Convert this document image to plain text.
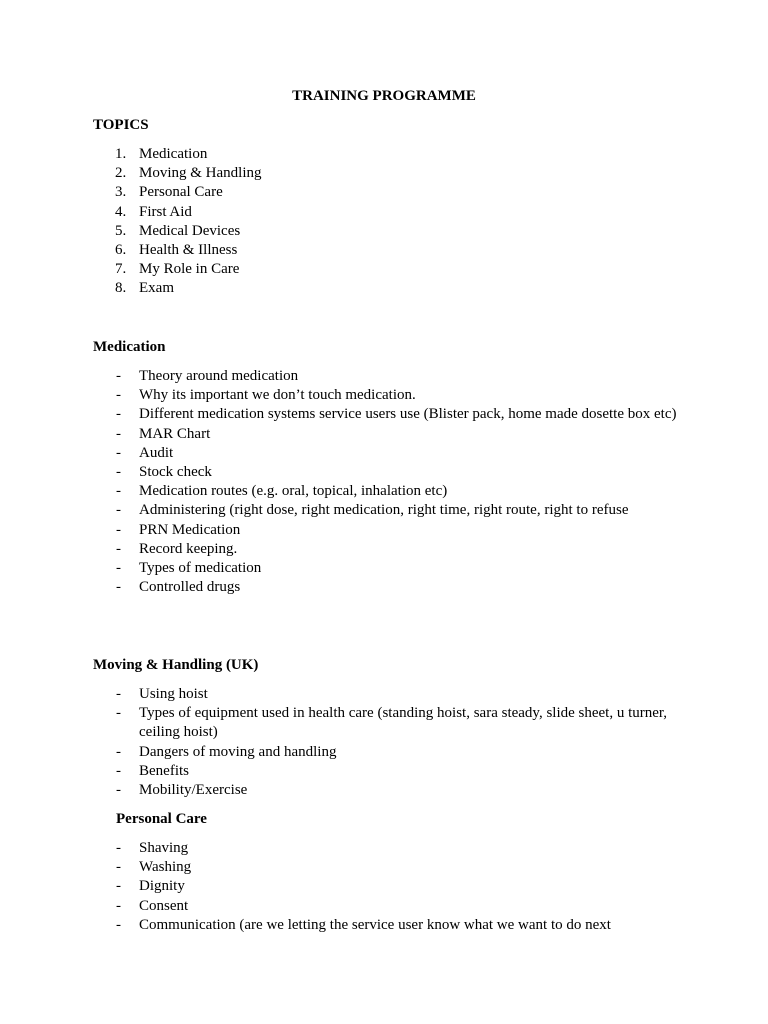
TRAINING PROGRAMME
TOPICS
1. Medication
2. Moving & Handling
3. Personal Care
4. First Aid
5. Medical Devices
6. Health & Illness
7. My Role in Care
8. Exam
Medication
- Theory around medication
- Why its important we don’t touch medication.
- Different medication systems service users use (Blister pack, home made dosette box etc)
- MAR Chart
- Audit
- Stock check
- Medication routes (e.g. oral, topical, inhalation etc)
- Administering (right dose, right medication, right time, right route, right to refuse
- PRN Medication
- Record keeping.
- Types of medication
- Controlled drugs
Moving & Handling (UK)
- Using hoist
- Types of equipment used in health care (standing hoist, sara steady, slide sheet, u turner, ceiling hoist)
- Dangers of moving and handling
- Benefits
- Mobility/Exercise
Personal Care
- Shaving
- Washing
- Dignity
- Consent
- Communication (are we letting the service user know what we want to do next
